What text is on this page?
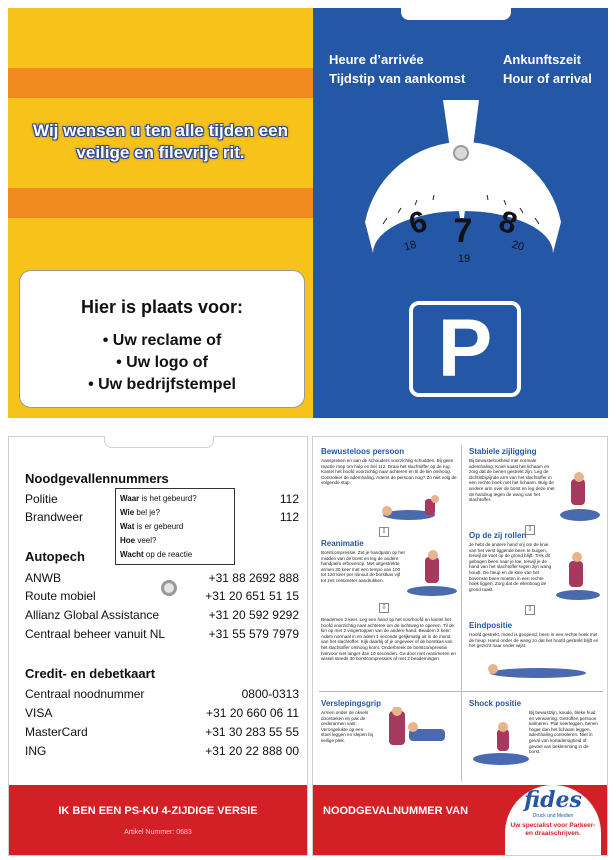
Wij wensen u ten alle tijden een
veilige en filevrije rit.
Hier is plaats voor:
• Uw reclame of
• Uw logo of
• Uw bedrijfstempel
Heure d’arrivée
Tijdstip van aankomst
Ankunftszeit
Hour of arrival
6 7 8
18
19
20
P
Noodgevallennummers
Politie	112
Brandweer	112
Waar is het gebeurd?
Wie bel je?
Wat is er gebeurd
Hoe veel?
Wacht op de reactie
Autopech
ANWB	+31 88 2692 888
Route mobiel	+31 20 651 51 15
Allianz Global Assistance	+31 20 592 9292
Centraal beheer vanuit NL	+31 55 579 7979
Credit- en debetkaart
Centraal noodnummer	0800-0313
VISA	+31 20 660 06 11
MasterCard	+31 30 283 55 55
ING	+31 20 22 888 00
IK BEN EEN PS-KU 4-ZIJDIGE VERSIE
Artikel Nummer: 0683
Bewusteloos persoon
Aanspreken en aan de schouders voorzichtig schudden. Bij geen reactie roep om hulp en bel 112. Draai het slachtoffer op de rug. Kantel het hoofd voorzichtig naar achteren en til de kin omhoog. Controleer de ademhaling. Ademt de persoon nog? Zo niet volg de volgende stap.
⇩
Stabiele zijligging
Bij bewusteloosheid met normale ademhaling: Kniel naast het lichaam en zorg dat de benen gestrekt zijn. Leg de dichtstbijzijnde arm van het slachtoffer in een rechte hoek met het lichaam. Buig de andere arm over de borst en leg deze met de handrug tegen de wang van het slachtoffer.
⇩
Reanimatie
Borstcompressie: Zet je handpalm op het midden van de borst en leg de andere handpalm erbovenop. Met uitgestrekte armen 30 keer met een tempo van 100 tot 120 keer per minuut de borstkas vijf tot zes centimeter aandrukken.
⇩
Op de zij rollen
Je hebt de andere hand vrij om de knie van het verst liggende been te buigen, terwijl de voet op de grond blijft. Trek dit gebogen been naar je toe, terwijl je de hand van het slachtoffer tegen zijn wang houdt. De heup en de knie van het bovenste been moeten in een rechte hoek liggen. Zorg dat de ellenboog de grond raakt.
⇩
Beademen 2 keer. Leg een hand op het voorhoofd en kantel het hoofd voorzichtig naar achteren om de luchtweg te openen. Til de kin op met 2 vingertoppen van de andere hand. Beadem 2 keer: Adem normaal in en adem 1 seconde gelijkmatig uit in de mond van het slachtoffer. Kijk daarbij of je ongeveer of de borstkas van het slachtoffer omhoog komt. Onderbreek de borstcompressie hiervoor niet langer dan 10 seconden. Ga door met reanimeren en wissel steeds 30 borstcompressies af met 2 beademingen.
Eindpositie
Hoofd gestrekt, mond is geopend, been in een rechte hoek met de heup. Hand onder de wang zo dat het hoofd gestrekt blijft en het gezicht naar onder wijst.
Verslepingsgrip
Armen onder de oksels doorsteken en pak de onderarmen vast. Verongelukte op een stoel leggen en slepen bij veilige plek.
Shock positie
Bij bewustzijn, koude, bleke huid en verwarring: Getroffen persoon kalmeren. Plat neerleggen, benen hoger dan het lichaam leggen, ademhaling controleren. Niet in geval van kortademigheid of gevoel van beklemming in de borst.
NOODGEVALNUMMER VAN	fides
Druck und Medien
Uw specialist voor Parkeer-
en draaischrijven.
